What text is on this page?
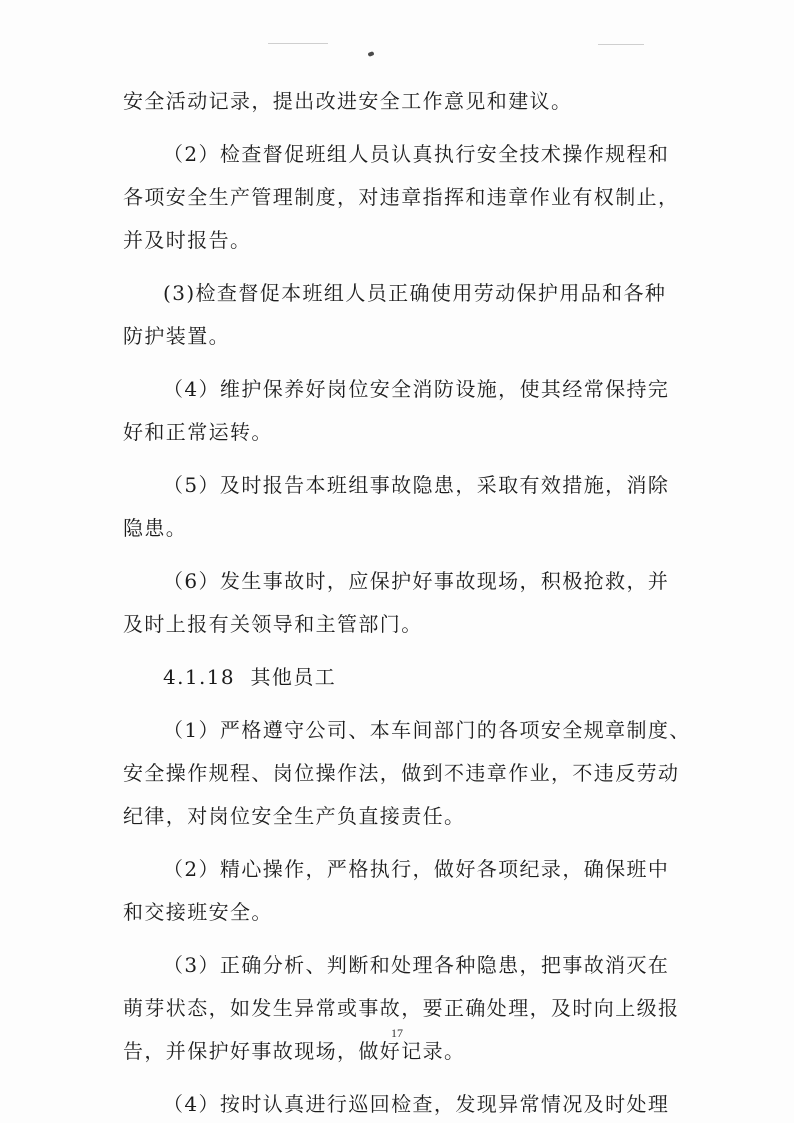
安全活动记录，提出改进安全工作意见和建议。

（2）检查督促班组人员认真执行安全技术操作规程和
各项安全生产管理制度，对违章指挥和违章作业有权制止，
并及时报告。

(3)检查督促本班组人员正确使用劳动保护用品和各种
防护装置。

（4）维护保养好岗位安全消防设施，使其经常保持完
好和正常运转。

（5）及时报告本班组事故隐患，采取有效措施，消除
隐患。

（6）发生事故时，应保护好事故现场，积极抢救，并
及时上报有关领导和主管部门。

4.1.18  其他员工

（1）严格遵守公司、本车间部门的各项安全规章制度、
安全操作规程、岗位操作法，做到不违章作业，不违反劳动
纪律，对岗位安全生产负直接责任。

（2）精心操作，严格执行，做好各项纪录，确保班中
和交接班安全。

（3）正确分析、判断和处理各种隐患，把事故消灭在
萌芽状态，如发生异常或事故，要正确处理，及时向上级报
告，并保护好事故现场，做好记录。

（4）按时认真进行巡回检查，发现异常情况及时处理

17
